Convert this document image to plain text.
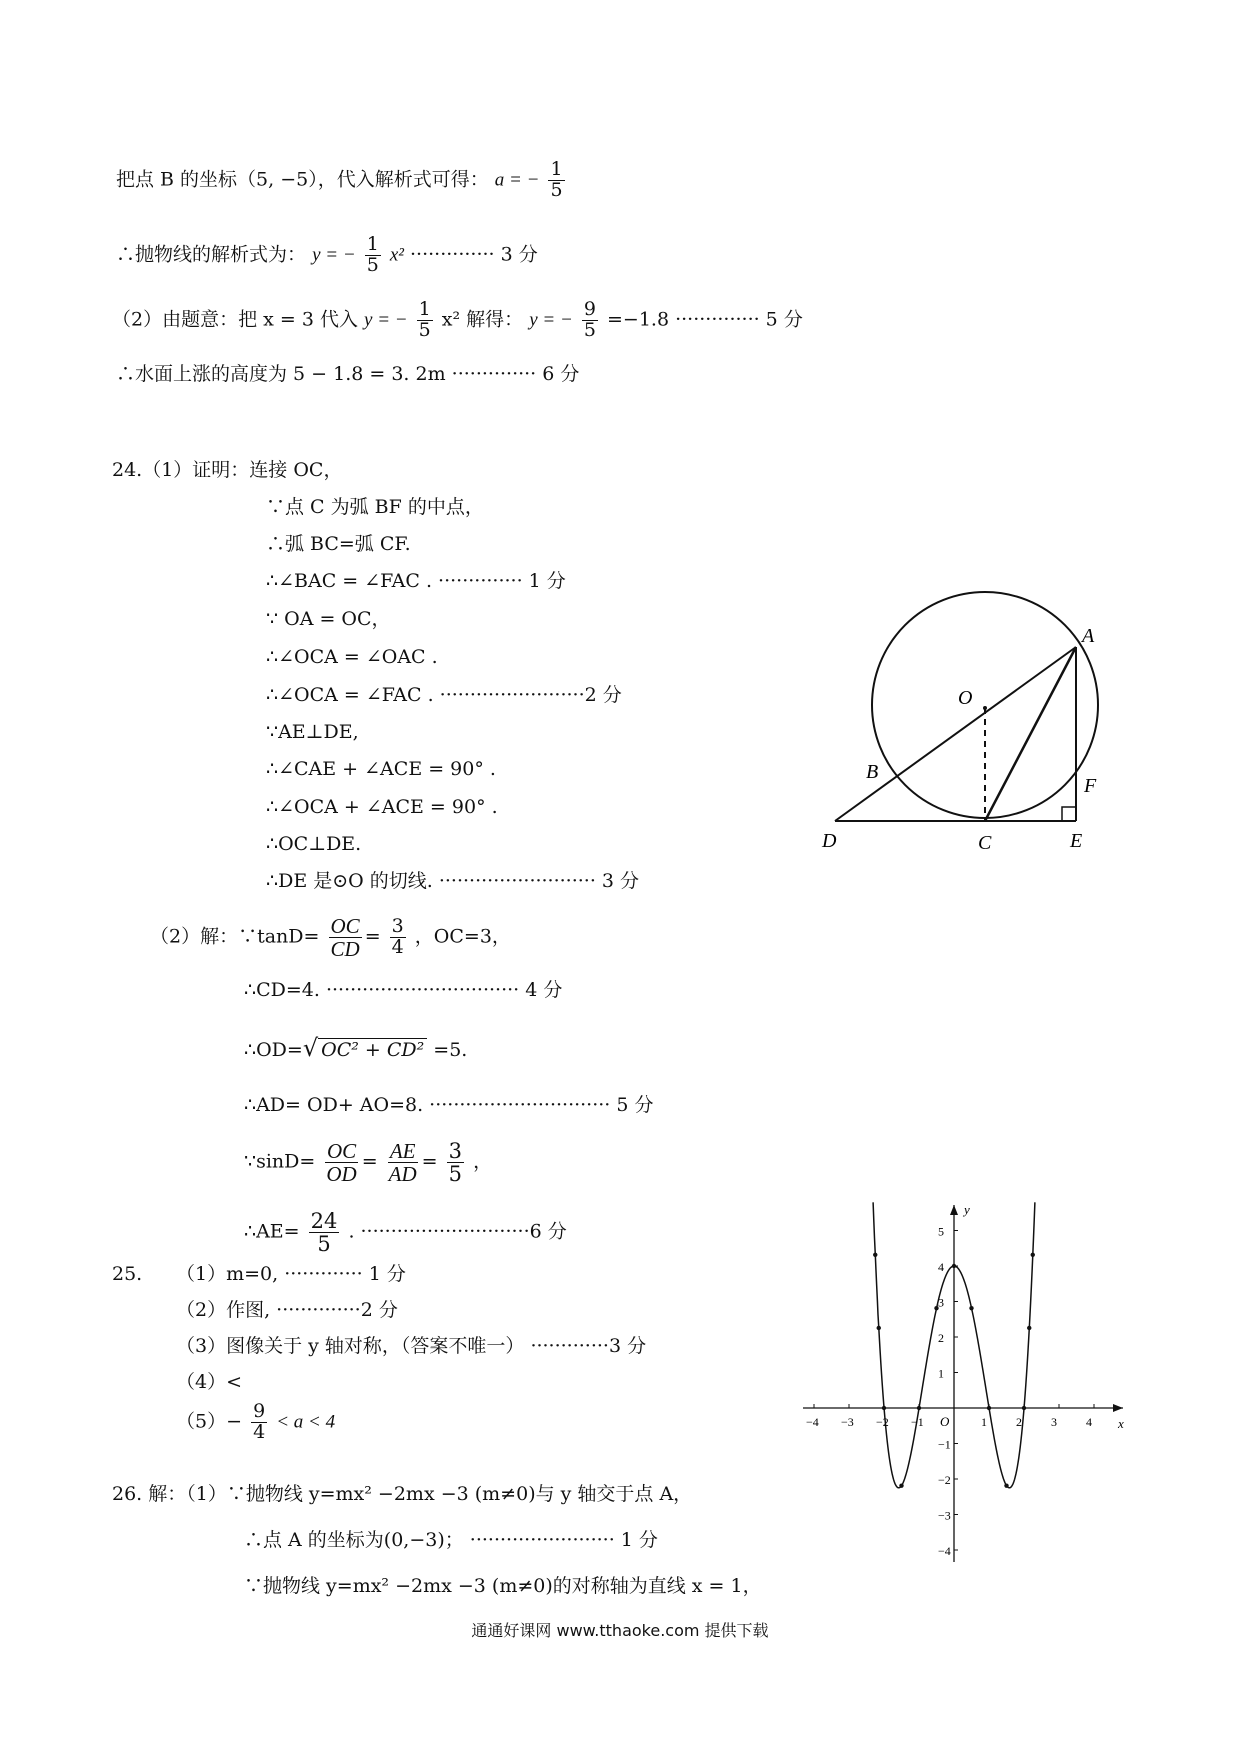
把点 B 的坐标（5, −5），代入解析式可得： a = − $\frac{1}{5}$
∴抛物线的解析式为： y = − $\frac{1}{5} x^2$ ·············· 3 分
（2）由题意：把 x = 3 代入 y = − $\frac{1}{5} x^2$ 解得： y = − $\frac{9}{5} =-1.8$ ·············· 5 分
∴水面上涨的高度为 5 − 1.8 = 3. 2m ·············· 6 分
24.（1）证明：连接 OC，
∵点 C 为弧 BF 的中点，
∴弧 BC=弧 CF.
∴∠BAC = ∠FAC . ·············· 1 分
∵ OA = OC，
∴∠OCA = ∠OAC .
∴∠OCA = ∠FAC . ························2 分
∵AE⊥DE,
∴∠CAE + ∠ACE = 90° .
∴∠OCA + ∠ACE = 90° .
∴OC⊥DE.
∴DE 是⊙O 的切线. ·························· 3 分
（2）解：∵tanD= $\frac{OC}{CD} = \frac{3}{4}$ ，OC=3，
∴CD=4. ································ 4 分
∴OD=√ OC² + CD² =5.
∴AD= OD+ AO=8. ······························ 5 分
∵sinD= $\frac{OC}{OD} = \frac{AE}{AD} = \frac{3}{5}$ ，
∴AE= $\frac{24}{5}$ . ····························6 分
A
O
B
F
D	C	E
25. （1）m=0, ············· 1 分
（2）作图, ··············2 分
（3）图像关于 y 轴对称，（答案不唯一） ·············3 分
（4）<
$(5)- \frac{9}{4} < a < 4$	−4 −3 −2 −1	1 2 3 4
5
4
3
2
1
−1
−2
−3
−4
O	x
y
26. 解：（1）∵抛物线 y=mx² −2mx −3 (m≠0)与 y 轴交于点 A，
∴点 A 的坐标为(0,−3)； ························ 1 分
∵抛物线 y=mx² −2mx −3 (m≠0)的对称轴为直线 x = 1，
通通好课网 www.tthaoke.com 提供下载
